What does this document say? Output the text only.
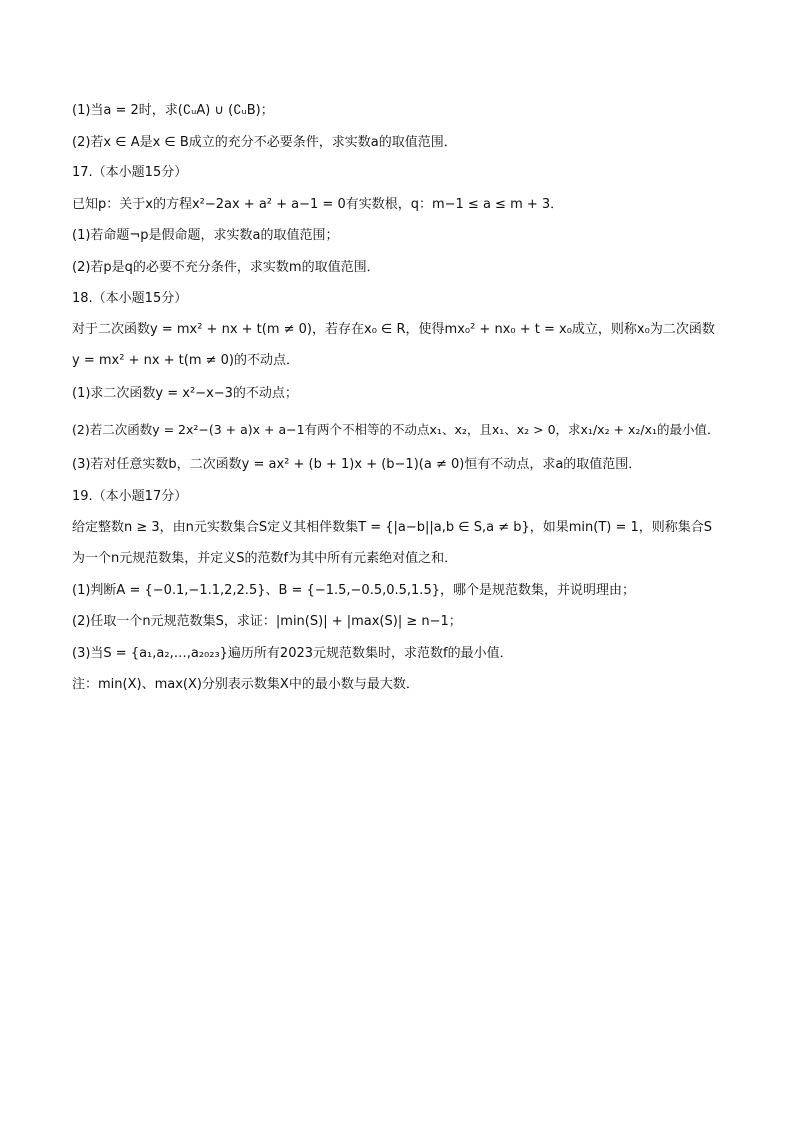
(1)当a = 2时，求(∁ᵤA) ∪ (∁ᵤB)；
(2)若x ∈ A是x ∈ B成立的充分不必要条件，求实数a的取值范围．
17.（本小题15分）
已知p：关于x的方程x²−2ax + a² + a−1 = 0有实数根，q：m−1 ≤ a ≤ m + 3．
(1)若命题¬p是假命题，求实数a的取值范围；
(2)若p是q的必要不充分条件，求实数m的取值范围．
18.（本小题15分）
对于二次函数y = mx² + nx + t(m ≠ 0)，若存在x₀ ∈ R，使得mx₀² + nx₀ + t = x₀成立，则称x₀为二次函数
y = mx² + nx + t(m ≠ 0)的不动点．
(1)求二次函数y = x²−x−3的不动点；
(2)若二次函数y = 2x²−(3 + a)x + a−1有两个不相等的不动点x₁、x₂，且x₁、x₂ > 0，求x₁/x₂ + x₂/x₁的最小值．
(3)若对任意实数b，二次函数y = ax² + (b + 1)x + (b−1)(a ≠ 0)恒有不动点，求a的取值范围．
19.（本小题17分）
给定整数n ≥ 3，由n元实数集合S定义其相伴数集T = {|a−b||a,b ∈ S,a ≠ b}，如果min(T) = 1，则称集合S
为一个n元规范数集，并定义S的范数f为其中所有元素绝对值之和．
(1)判断A = {−0.1,−1.1,2,2.5}、B = {−1.5,−0.5,0.5,1.5}，哪个是规范数集，并说明理由；
(2)任取一个n元规范数集S，求证：|min(S)| + |max(S)| ≥ n−1；
(3)当S = {a₁,a₂,…,a₂₀₂₃}遍历所有2023元规范数集时，求范数f的最小值．
注：min(X)、max(X)分别表示数集X中的最小数与最大数．
